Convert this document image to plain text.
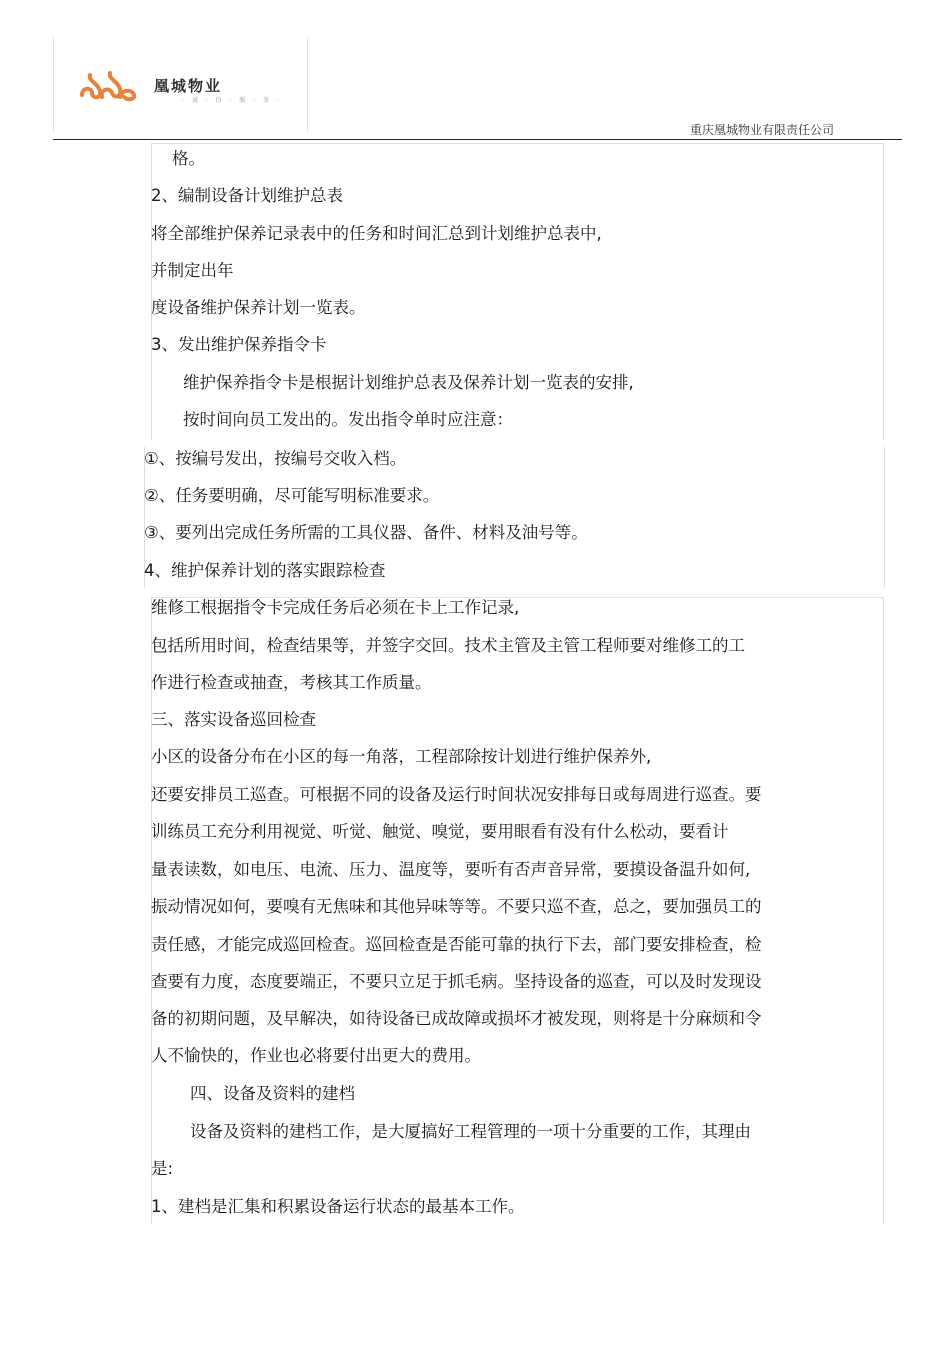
凰城物业
· 诚 · 信 · 服 · 务 ·
重庆凰城物业有限责任公司
格。
2、编制设备计划维护总表
将全部维护保养记录表中的任务和时间汇总到计划维护总表中,
并制定出年
度设备维护保养计划一览表。
3、发出维护保养指令卡
维护保养指令卡是根据计划维护总表及保养计划一览表的安排,
按时间向员工发出的。发出指令单时应注意：
①、按编号发出，按编号交收入档。
②、任务要明确，尽可能写明标准要求。
③、要列出完成任务所需的工具仪器、备件、材料及油号等。
4、维护保养计划的落实跟踪检查
维修工根据指令卡完成任务后必须在卡上工作记录,
包括所用时间，检查结果等，并签字交回。技术主管及主管工程师要对维修工的工
作进行检查或抽查，考核其工作质量。
三、落实设备巡回检查
小区的设备分布在小区的每一角落，工程部除按计划进行维护保养外,
还要安排员工巡查。可根据不同的设备及运行时间状况安排每日或每周进行巡查。要
训练员工充分利用视觉、听觉、触觉、嗅觉，要用眼看有没有什么松动，要看计
量表读数，如电压、电流、压力、温度等，要听有否声音异常，要摸设备温升如何,
振动情况如何，要嗅有无焦味和其他异味等等。不要只巡不查，总之，要加强员工的
责任感，才能完成巡回检查。巡回检查是否能可靠的执行下去，部门要安排检查，检
查要有力度，态度要端正，不要只立足于抓毛病。坚持设备的巡查，可以及时发现设
备的初期问题，及早解决，如待设备已成故障或损坏才被发现，则将是十分麻烦和令
人不愉快的，作业也必将要付出更大的费用。
四、设备及资料的建档
设备及资料的建档工作，是大厦搞好工程管理的一项十分重要的工作，其理由
是:
1、建档是汇集和积累设备运行状态的最基本工作。
